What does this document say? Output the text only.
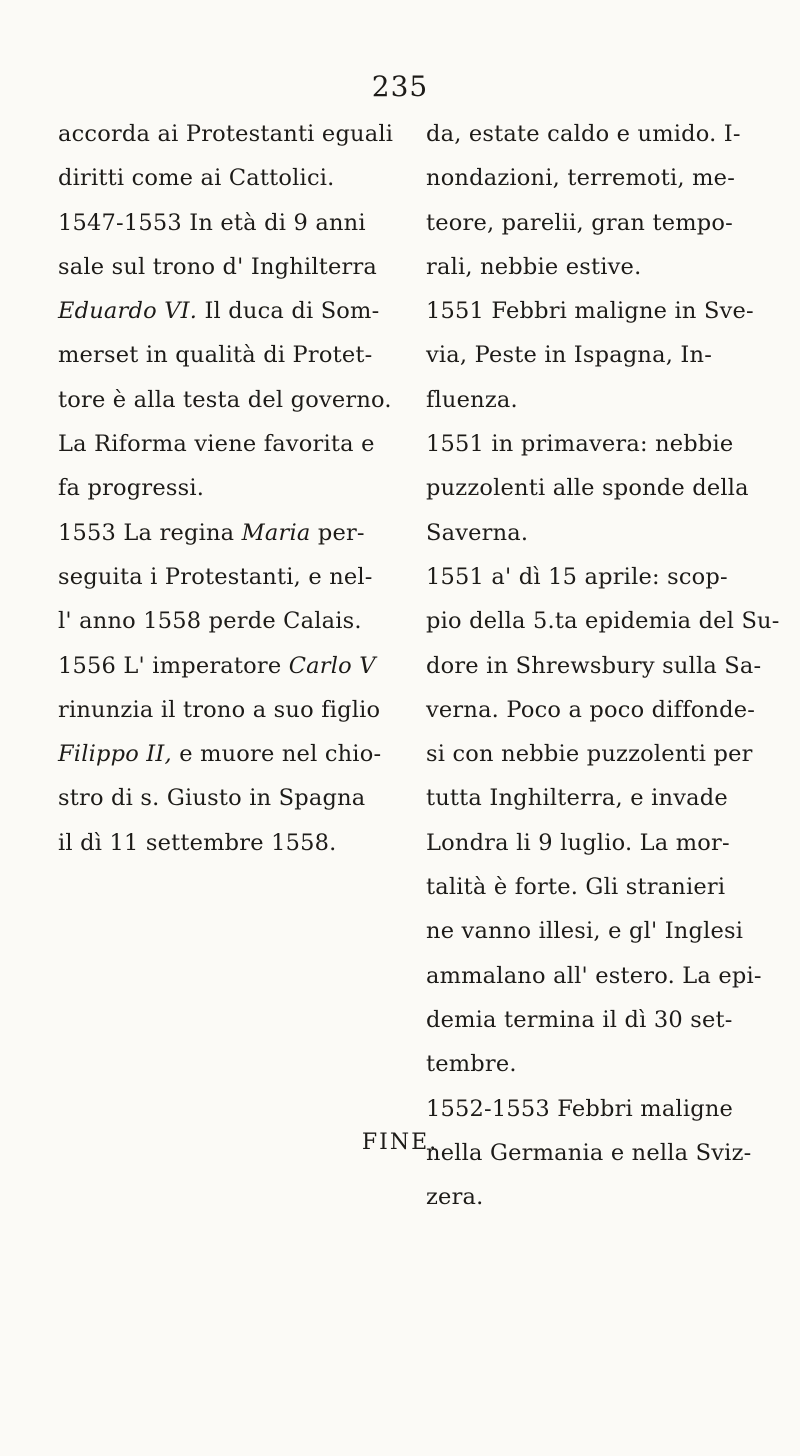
235
accorda ai Protestanti eguali
diritti come ai Cattolici.
1547-1553 In età di 9 anni
sale sul trono d' Inghilterra
Eduardo VI. Il duca di Som-
merset in qualità di Protet-
tore è alla testa del governo.
La Riforma viene favorita e
fa progressi.
1553 La regina Maria per-
seguita i Protestanti, e nel-
l' anno 1558 perde Calais.
1556 L' imperatore Carlo V
rinunzia il trono a suo figlio
Filippo II, e muore nel chio-
stro di s. Giusto in Spagna
il dì 11 settembre 1558.
da, estate caldo e umido. I-
nondazioni, terremoti, me-
teore, parelii, gran tempo-
rali, nebbie estive.
1551 Febbri maligne in Sve-
via, Peste in Ispagna, In-
fluenza.
1551 in primavera: nebbie
puzzolenti alle sponde della
Saverna.
1551 a' dì 15 aprile: scop-
pio della 5.ta epidemia del Su-
dore in Shrewsbury sulla Sa-
verna. Poco a poco diffonde-
si con nebbie puzzolenti per
tutta Inghilterra, e invade
Londra li 9 luglio. La mor-
talità è forte. Gli stranieri
ne vanno illesi, e gl' Inglesi
ammalano all' estero. La epi-
demia termina il dì 30 set-
tembre.
1552-1553 Febbri maligne
nella Germania e nella Sviz-
zera.
FINE.
